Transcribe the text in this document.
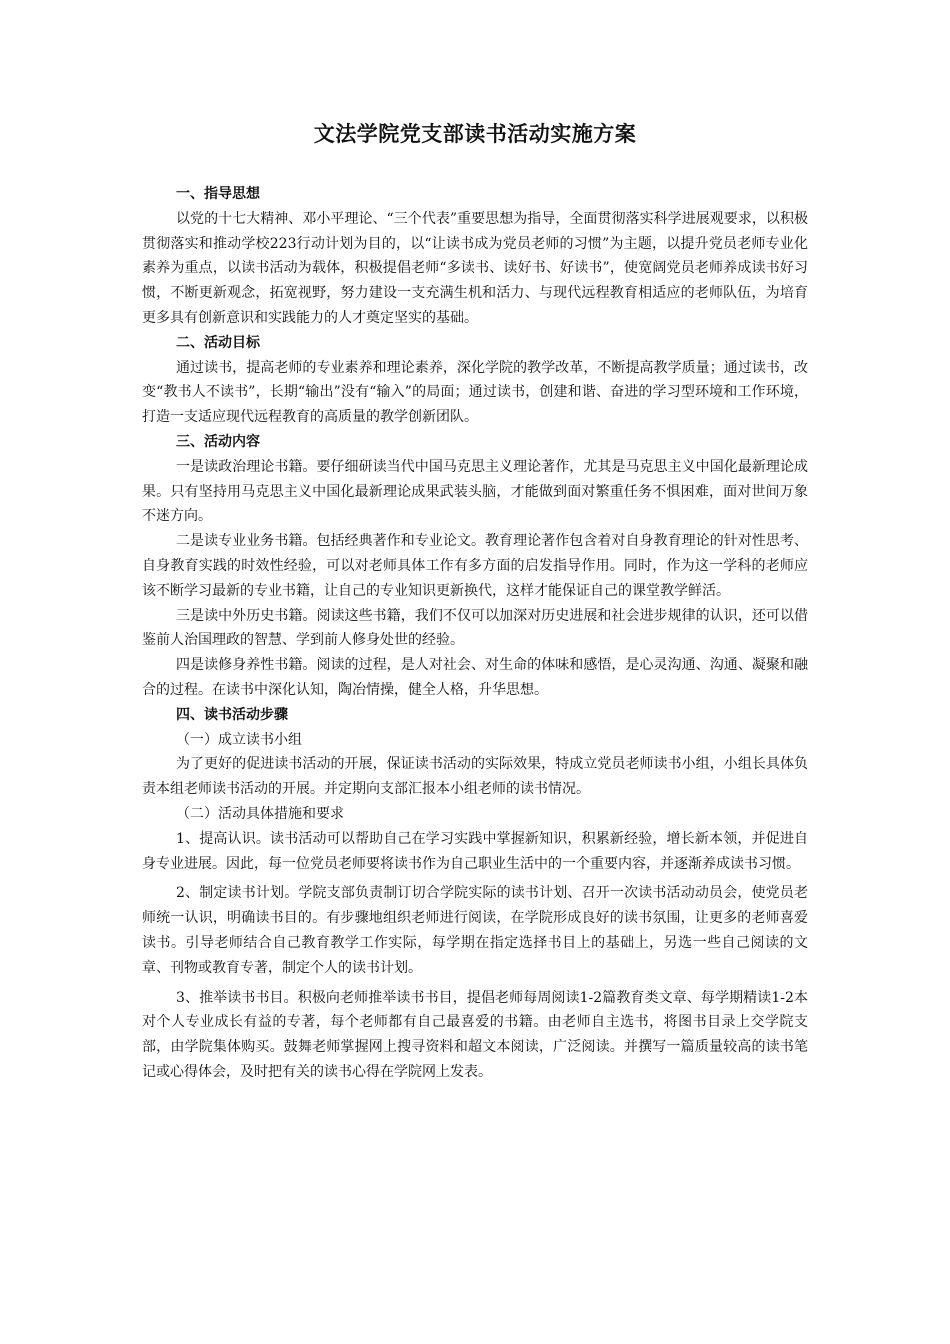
文法学院党支部读书活动实施方案

一、指导思想

以党的十七大精神、邓小平理论、“三个代表”重要思想为指导，全面贯彻落实科学进展观要求，以积极贯彻落实和推动学校223行动计划为目的，以“让读书成为党员老师的习惯”为主题，以提升党员老师专业化素养为重点，以读书活动为载体，积极提倡老师“多读书、读好书、好读书”，使宽阔党员老师养成读书好习惯，不断更新观念，拓宽视野，努力建设一支充满生机和活力、与现代远程教育相适应的老师队伍，为培育更多具有创新意识和实践能力的人才奠定坚实的基础。

二、活动目标

通过读书，提高老师的专业素养和理论素养，深化学院的教学改革，不断提高教学质量；通过读书，改变“教书人不读书”，长期“输出”没有“输入”的局面；通过读书，创建和谐、奋进的学习型环境和工作环境，打造一支适应现代远程教育的高质量的教学创新团队。

三、活动内容

一是读政治理论书籍。要仔细研读当代中国马克思主义理论著作，尤其是马克思主义中国化最新理论成果。只有坚持用马克思主义中国化最新理论成果武装头脑，才能做到面对繁重任务不惧困难，面对世间万象不迷方向。

二是读专业业务书籍。包括经典著作和专业论文。教育理论著作包含着对自身教育理论的针对性思考、自身教育实践的时效性经验，可以对老师具体工作有多方面的启发指导作用。同时，作为这一学科的老师应该不断学习最新的专业书籍，让自己的专业知识更新换代，这样才能保证自己的课堂教学鲜活。

三是读中外历史书籍。阅读这些书籍，我们不仅可以加深对历史进展和社会进步规律的认识，还可以借鉴前人治国理政的智慧、学到前人修身处世的经验。

四是读修身养性书籍。阅读的过程，是人对社会、对生命的体味和感悟，是心灵沟通、沟通、凝聚和融合的过程。在读书中深化认知，陶冶情操，健全人格，升华思想。

四、读书活动步骤

（一）成立读书小组

为了更好的促进读书活动的开展，保证读书活动的实际效果，特成立党员老师读书小组，小组长具体负责本组老师读书活动的开展。并定期向支部汇报本小组老师的读书情况。

（二）活动具体措施和要求

1、提高认识。读书活动可以帮助自己在学习实践中掌握新知识，积累新经验，增长新本领，并促进自身专业进展。因此，每一位党员老师要将读书作为自己职业生活中的一个重要内容，并逐渐养成读书习惯。

2、制定读书计划。学院支部负责制订切合学院实际的读书计划、召开一次读书活动动员会，使党员老师统一认识，明确读书目的。有步骤地组织老师进行阅读，在学院形成良好的读书氛围，让更多的老师喜爱读书。引导老师结合自己教育教学工作实际，每学期在指定选择书目上的基础上，另选一些自己阅读的文章、刊物或教育专著，制定个人的读书计划。

3、推举读书书目。积极向老师推举读书书目，提倡老师每周阅读1-2篇教育类文章、每学期精读1-2本对个人专业成长有益的专著，每个老师都有自己最喜爱的书籍。由老师自主选书，将图书目录上交学院支部，由学院集体购买。鼓舞老师掌握网上搜寻资料和超文本阅读，广泛阅读。并撰写一篇质量较高的读书笔记或心得体会，及时把有关的读书心得在学院网上发表。
